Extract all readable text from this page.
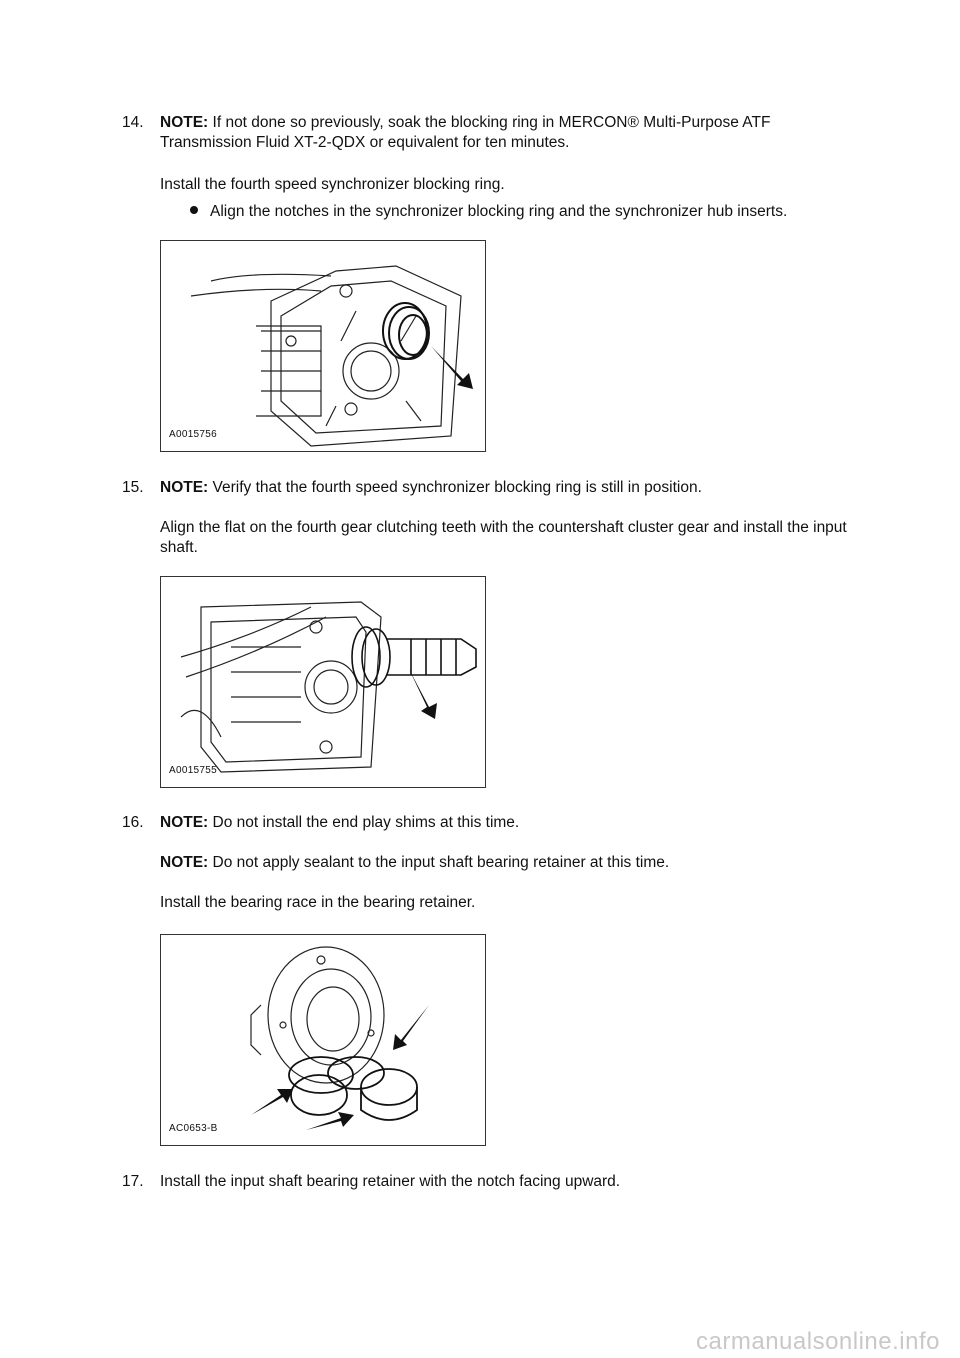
14. NOTE: If not done so previously, soak the blocking ring in MERCON® Multi-Purpose ATF Transmission Fluid XT-2-QDX or equivalent for ten minutes.
Install the fourth speed synchronizer blocking ring.
Align the notches in the synchronizer blocking ring and the synchronizer hub inserts.
A0015756
15. NOTE: Verify that the fourth speed synchronizer blocking ring is still in position.
Align the flat on the fourth gear clutching teeth with the countershaft cluster gear and install the input shaft.
A0015755
16. NOTE: Do not install the end play shims at this time.
NOTE: Do not apply sealant to the input shaft bearing retainer at this time.
Install the bearing race in the bearing retainer.
AC0653-B
17. Install the input shaft bearing retainer with the notch facing upward.
carmanualsonline.info
